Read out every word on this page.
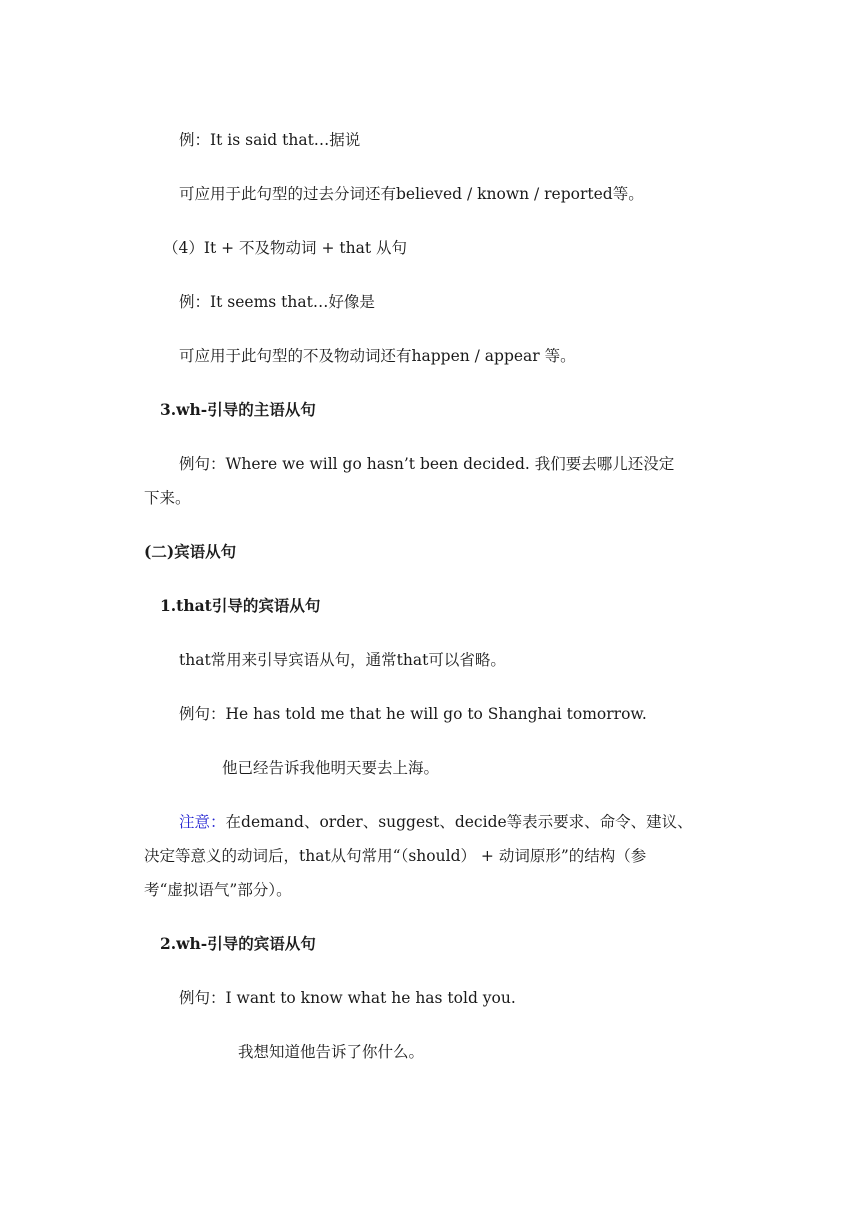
例：It is said that…据说
可应用于此句型的过去分词还有believed / known / reported等。
（4）It + 不及物动词 + that 从句
例：It seems that…好像是
可应用于此句型的不及物动词还有happen / appear 等。
3.wh-引导的主语从句
例句：Where we will go hasn’t been decided. 我们要去哪儿还没定
下来。
(二)宾语从句
1.that引导的宾语从句
that常用来引导宾语从句，通常that可以省略。
例句：He has told me that he will go to Shanghai tomorrow.
他已经告诉我他明天要去上海。
注意：在demand、order、suggest、decide等表示要求、命令、建议、
决定等意义的动词后，that从句常用“（should） + 动词原形”的结构（参
考“虚拟语气”部分）。
2.wh-引导的宾语从句
例句：I want to know what he has told you.
我想知道他告诉了你什么。
